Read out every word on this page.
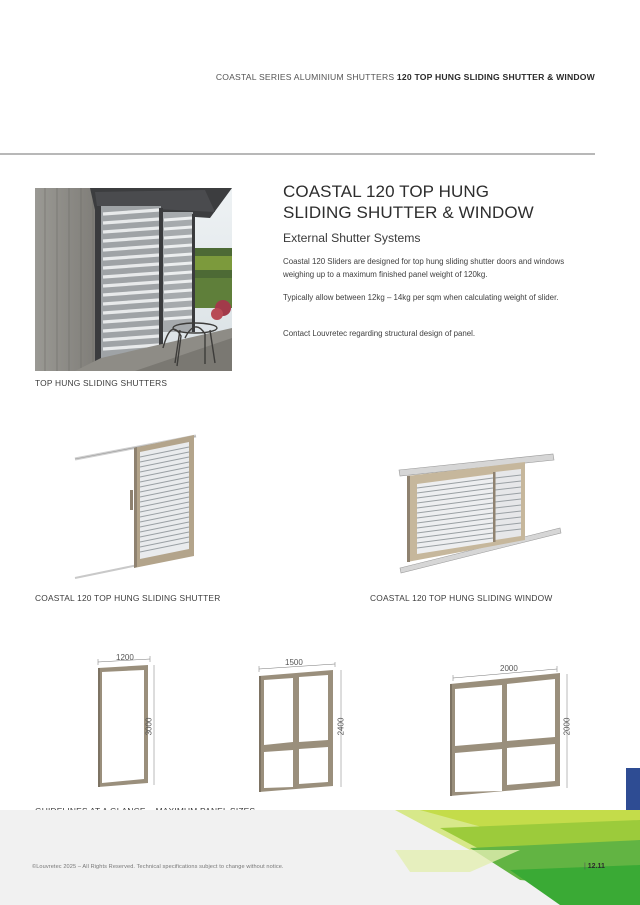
COASTAL SERIES ALUMINIUM SHUTTERS 120 TOP HUNG SLIDING SHUTTER & WINDOW
TOP HUNG SLIDING SHUTTERS
COASTAL 120 TOP HUNG
SLIDING SHUTTER & WINDOW
External Shutter Systems

Coastal 120 Sliders are designed for top hung sliding shutter doors and windows weighing up to a maximum finished panel weight of 120kg.

Typically allow between 12kg – 14kg per sqm when calculating weight of slider.

Contact Louvretec regarding structural design of panel.

COASTAL 120 TOP HUNG SLIDING SHUTTER	COASTAL 120 TOP HUNG SLIDING WINDOW
1200
3000
1500
2400
2000
2000
©Louvretec 2025 – All Rights Reserved. Technical specifications subject to change without notice.	| 12.11
